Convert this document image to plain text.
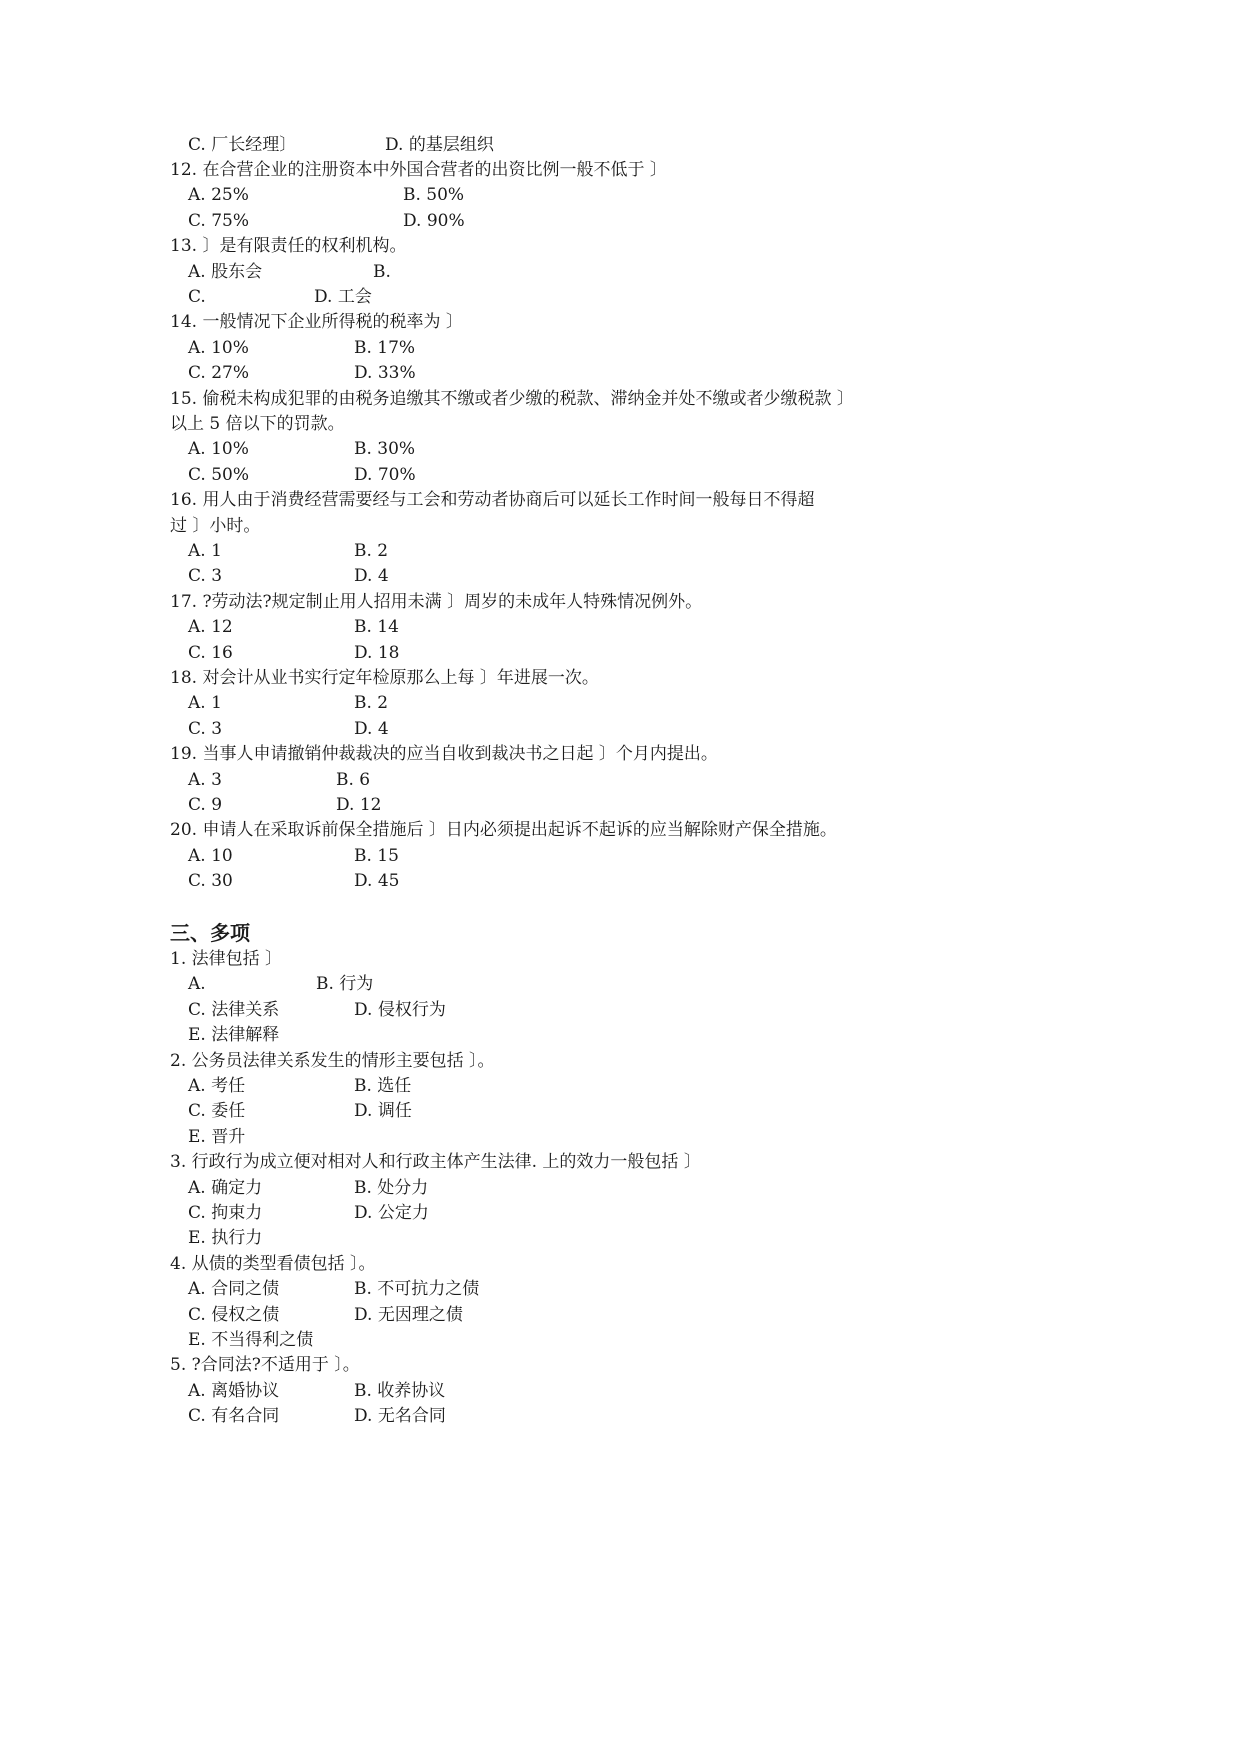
C. 厂长经理〕	D. 的基层组织
12. 在合营企业的注册资本中外国合营者的出资比例一般不低于 〕
A. 25%	B. 50%
C. 75%	D. 90%
13. 〕是有限责任的权利机构。
A. 股东会	B.
C.	D. 工会
14. 一般情况下企业所得税的税率为 〕
A. 10%	B. 17%
C. 27%	D. 33%
15. 偷税未构成犯罪的由税务追缴其不缴或者少缴的税款、滞纳金并处不缴或者少缴税款 〕
以上 5 倍以下的罚款。
A. 10%	B. 30%
C. 50%	D. 70%
16. 用人由于消费经营需要经与工会和劳动者协商后可以延长工作时间一般每日不得超
过 〕小时。
A. 1	B. 2
C. 3	D. 4
17. ?劳动法?规定制止用人招用未满 〕周岁的未成年人特殊情况例外。
A. 12	B. 14
C. 16	D. 18
18. 对会计从业书实行定年检原那么上每 〕年进展一次。
A. 1	B. 2
C. 3	D. 4
19. 当事人申请撤销仲裁裁决的应当自收到裁决书之日起 〕个月内提出。
A. 3	B. 6
C. 9	D. 12
20. 申请人在采取诉前保全措施后 〕日内必须提出起诉不起诉的应当解除财产保全措施。
A. 10	B. 15
C. 30	D. 45
三、多项
1. 法律包括 〕
A.	B. 行为
C. 法律关系	D. 侵权行为
E. 法律解释
2. 公务员法律关系发生的情形主要包括 〕。
A. 考任	B. 选任
C. 委任	D. 调任
E. 晋升
3. 行政行为成立便对相对人和行政主体产生法律. 上的效力一般包括 〕
A. 确定力	B. 处分力
C. 拘束力	D. 公定力
E. 执行力
4. 从债的类型看债包括 〕。
A. 合同之债	B. 不可抗力之债
C. 侵权之债	D. 无因理之债
E. 不当得利之债
5. ?合同法?不适用于 〕。
A. 离婚协议	B. 收养协议
C. 有名合同	D. 无名合同
